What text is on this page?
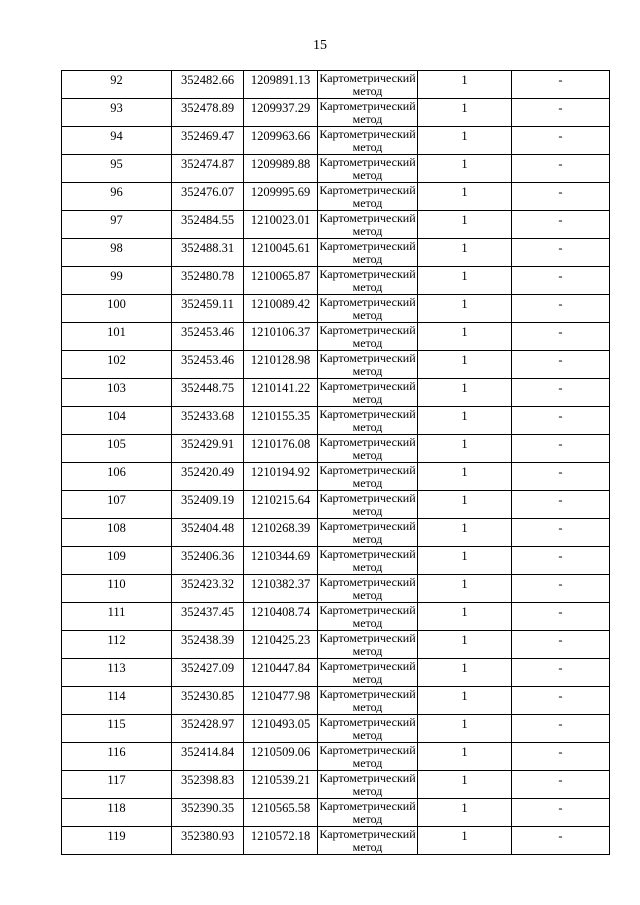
15
92	352482.66	1209891.13	Картометрический метод	1	-
93	352478.89	1209937.29	Картометрический метод	1	-
94	352469.47	1209963.66	Картометрический метод	1	-
95	352474.87	1209989.88	Картометрический метод	1	-
96	352476.07	1209995.69	Картометрический метод	1	-
97	352484.55	1210023.01	Картометрический метод	1	-
98	352488.31	1210045.61	Картометрический метод	1	-
99	352480.78	1210065.87	Картометрический метод	1	-
100	352459.11	1210089.42	Картометрический метод	1	-
101	352453.46	1210106.37	Картометрический метод	1	-
102	352453.46	1210128.98	Картометрический метод	1	-
103	352448.75	1210141.22	Картометрический метод	1	-
104	352433.68	1210155.35	Картометрический метод	1	-
105	352429.91	1210176.08	Картометрический метод	1	-
106	352420.49	1210194.92	Картометрический метод	1	-
107	352409.19	1210215.64	Картометрический метод	1	-
108	352404.48	1210268.39	Картометрический метод	1	-
109	352406.36	1210344.69	Картометрический метод	1	-
110	352423.32	1210382.37	Картометрический метод	1	-
111	352437.45	1210408.74	Картометрический метод	1	-
112	352438.39	1210425.23	Картометрический метод	1	-
113	352427.09	1210447.84	Картометрический метод	1	-
114	352430.85	1210477.98	Картометрический метод	1	-
115	352428.97	1210493.05	Картометрический метод	1	-
116	352414.84	1210509.06	Картометрический метод	1	-
117	352398.83	1210539.21	Картометрический метод	1	-
118	352390.35	1210565.58	Картометрический метод	1	-
119	352380.93	1210572.18	Картометрический метод	1	-
